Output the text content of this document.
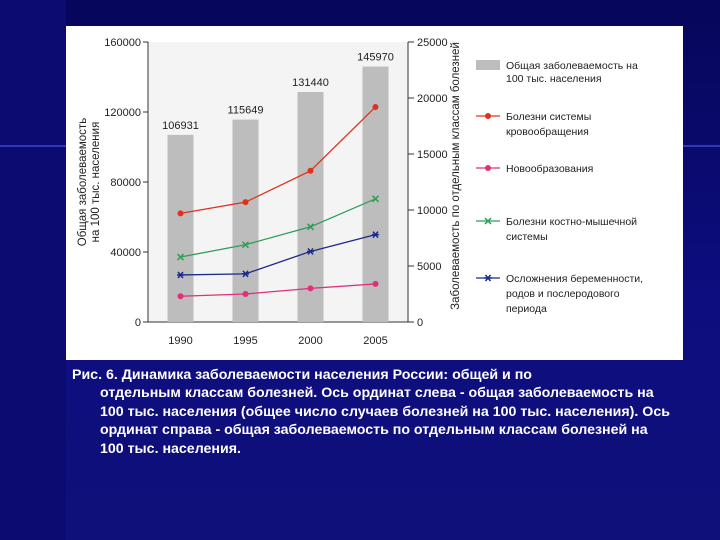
0
40000
80000
120000
160000
0
5000
10000
15000
20000
25000
1990	1995	2000	2005
106931
115649
131440
145970
Общая заболеваемостьна 100 тыс. населения	Заболеваемость по отдельным классам болезней	Общая заболеваемость на 100 тыс. населения
Болезни системы кровообращения
Новообразования
Болезни костно-мышечной системы
Осложнения беременности, родов и послеродового периода
Рис. 6. Динамика заболеваемости населения России: общей и по
отдельным классам болезней. Ось ординат слева - общая заболеваемость на 100 тыс. населения (общее число случаев болезней на 100 тыс. населения). Ось ординат справа - общая заболеваемость по отдельным классам болезней на 100 тыс. населения.
